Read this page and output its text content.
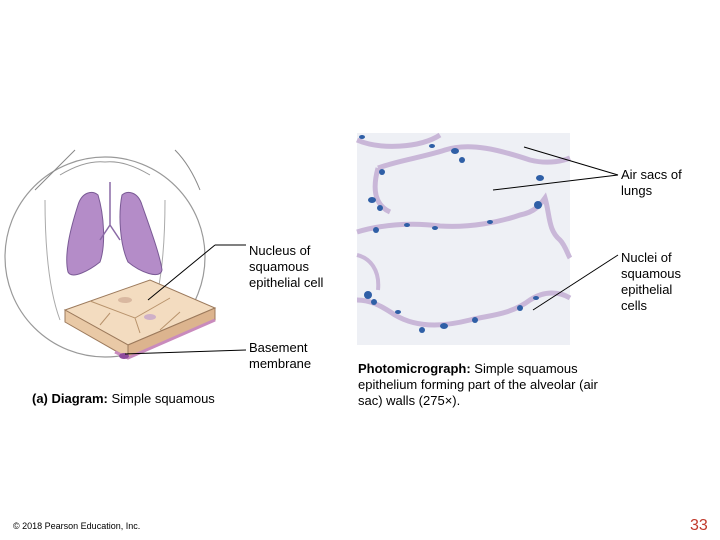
Air sacs of
lungs
Nucleus of
squamous
epithelial cell
Nuclei of
squamous
epithelial
cells
Basement
membrane
(a) Diagram: Simple squamous
Photomicrograph: Simple squamous epithelium forming part of the alveolar (air sac) walls (275×).
© 2018 Pearson Education, Inc.	33
